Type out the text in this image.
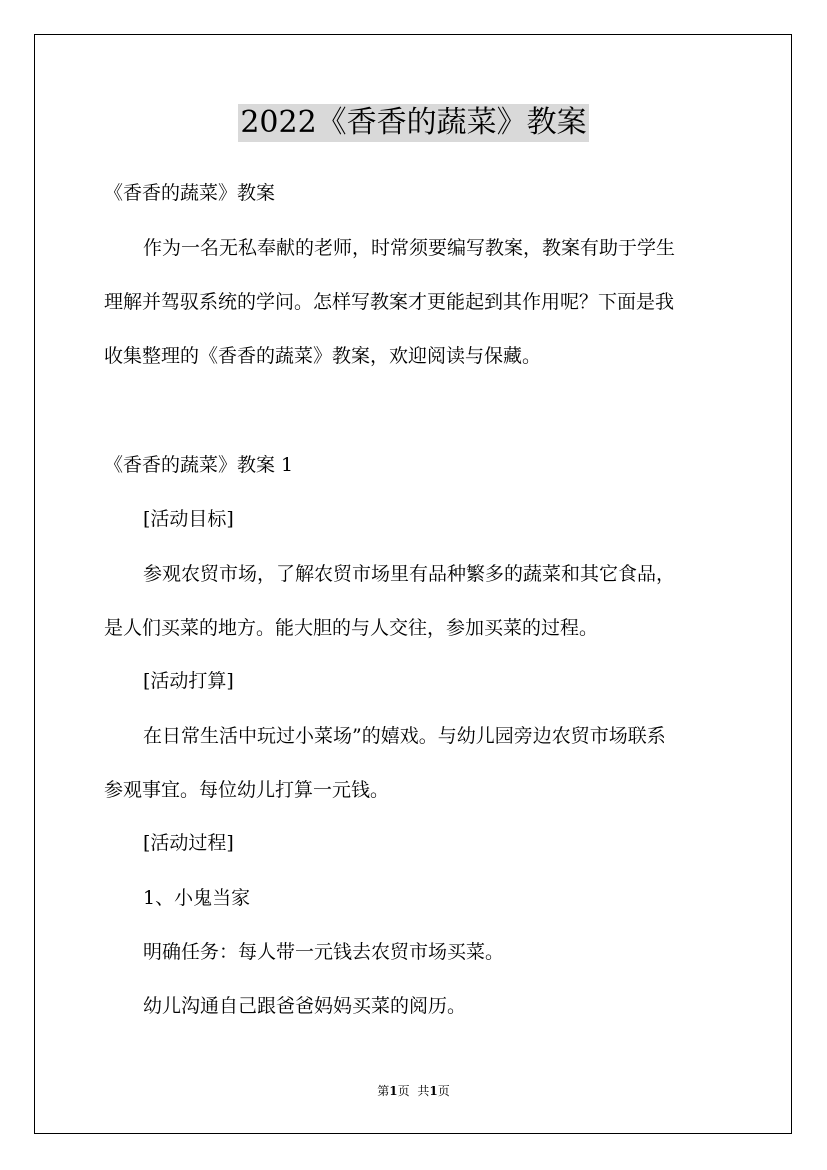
2022《香香的蔬菜》教案
《香香的蔬菜》教案
作为一名无私奉献的老师，时常须要编写教案，教案有助于学生
理解并驾驭系统的学问。怎样写教案才更能起到其作用呢？下面是我
收集整理的《香香的蔬菜》教案，欢迎阅读与保藏。
《香香的蔬菜》教案 1
[活动目标]
参观农贸市场，了解农贸市场里有品种繁多的蔬菜和其它食品，
是人们买菜的地方。能大胆的与人交往，参加买菜的过程。
[活动打算]
在日常生活中玩过小菜场”的嬉戏。与幼儿园旁边农贸市场联系
参观事宜。每位幼儿打算一元钱。
[活动过程]
1、小鬼当家
明确任务：每人带一元钱去农贸市场买菜。
幼儿沟通自己跟爸爸妈妈买菜的阅历。
第1页 共1页
